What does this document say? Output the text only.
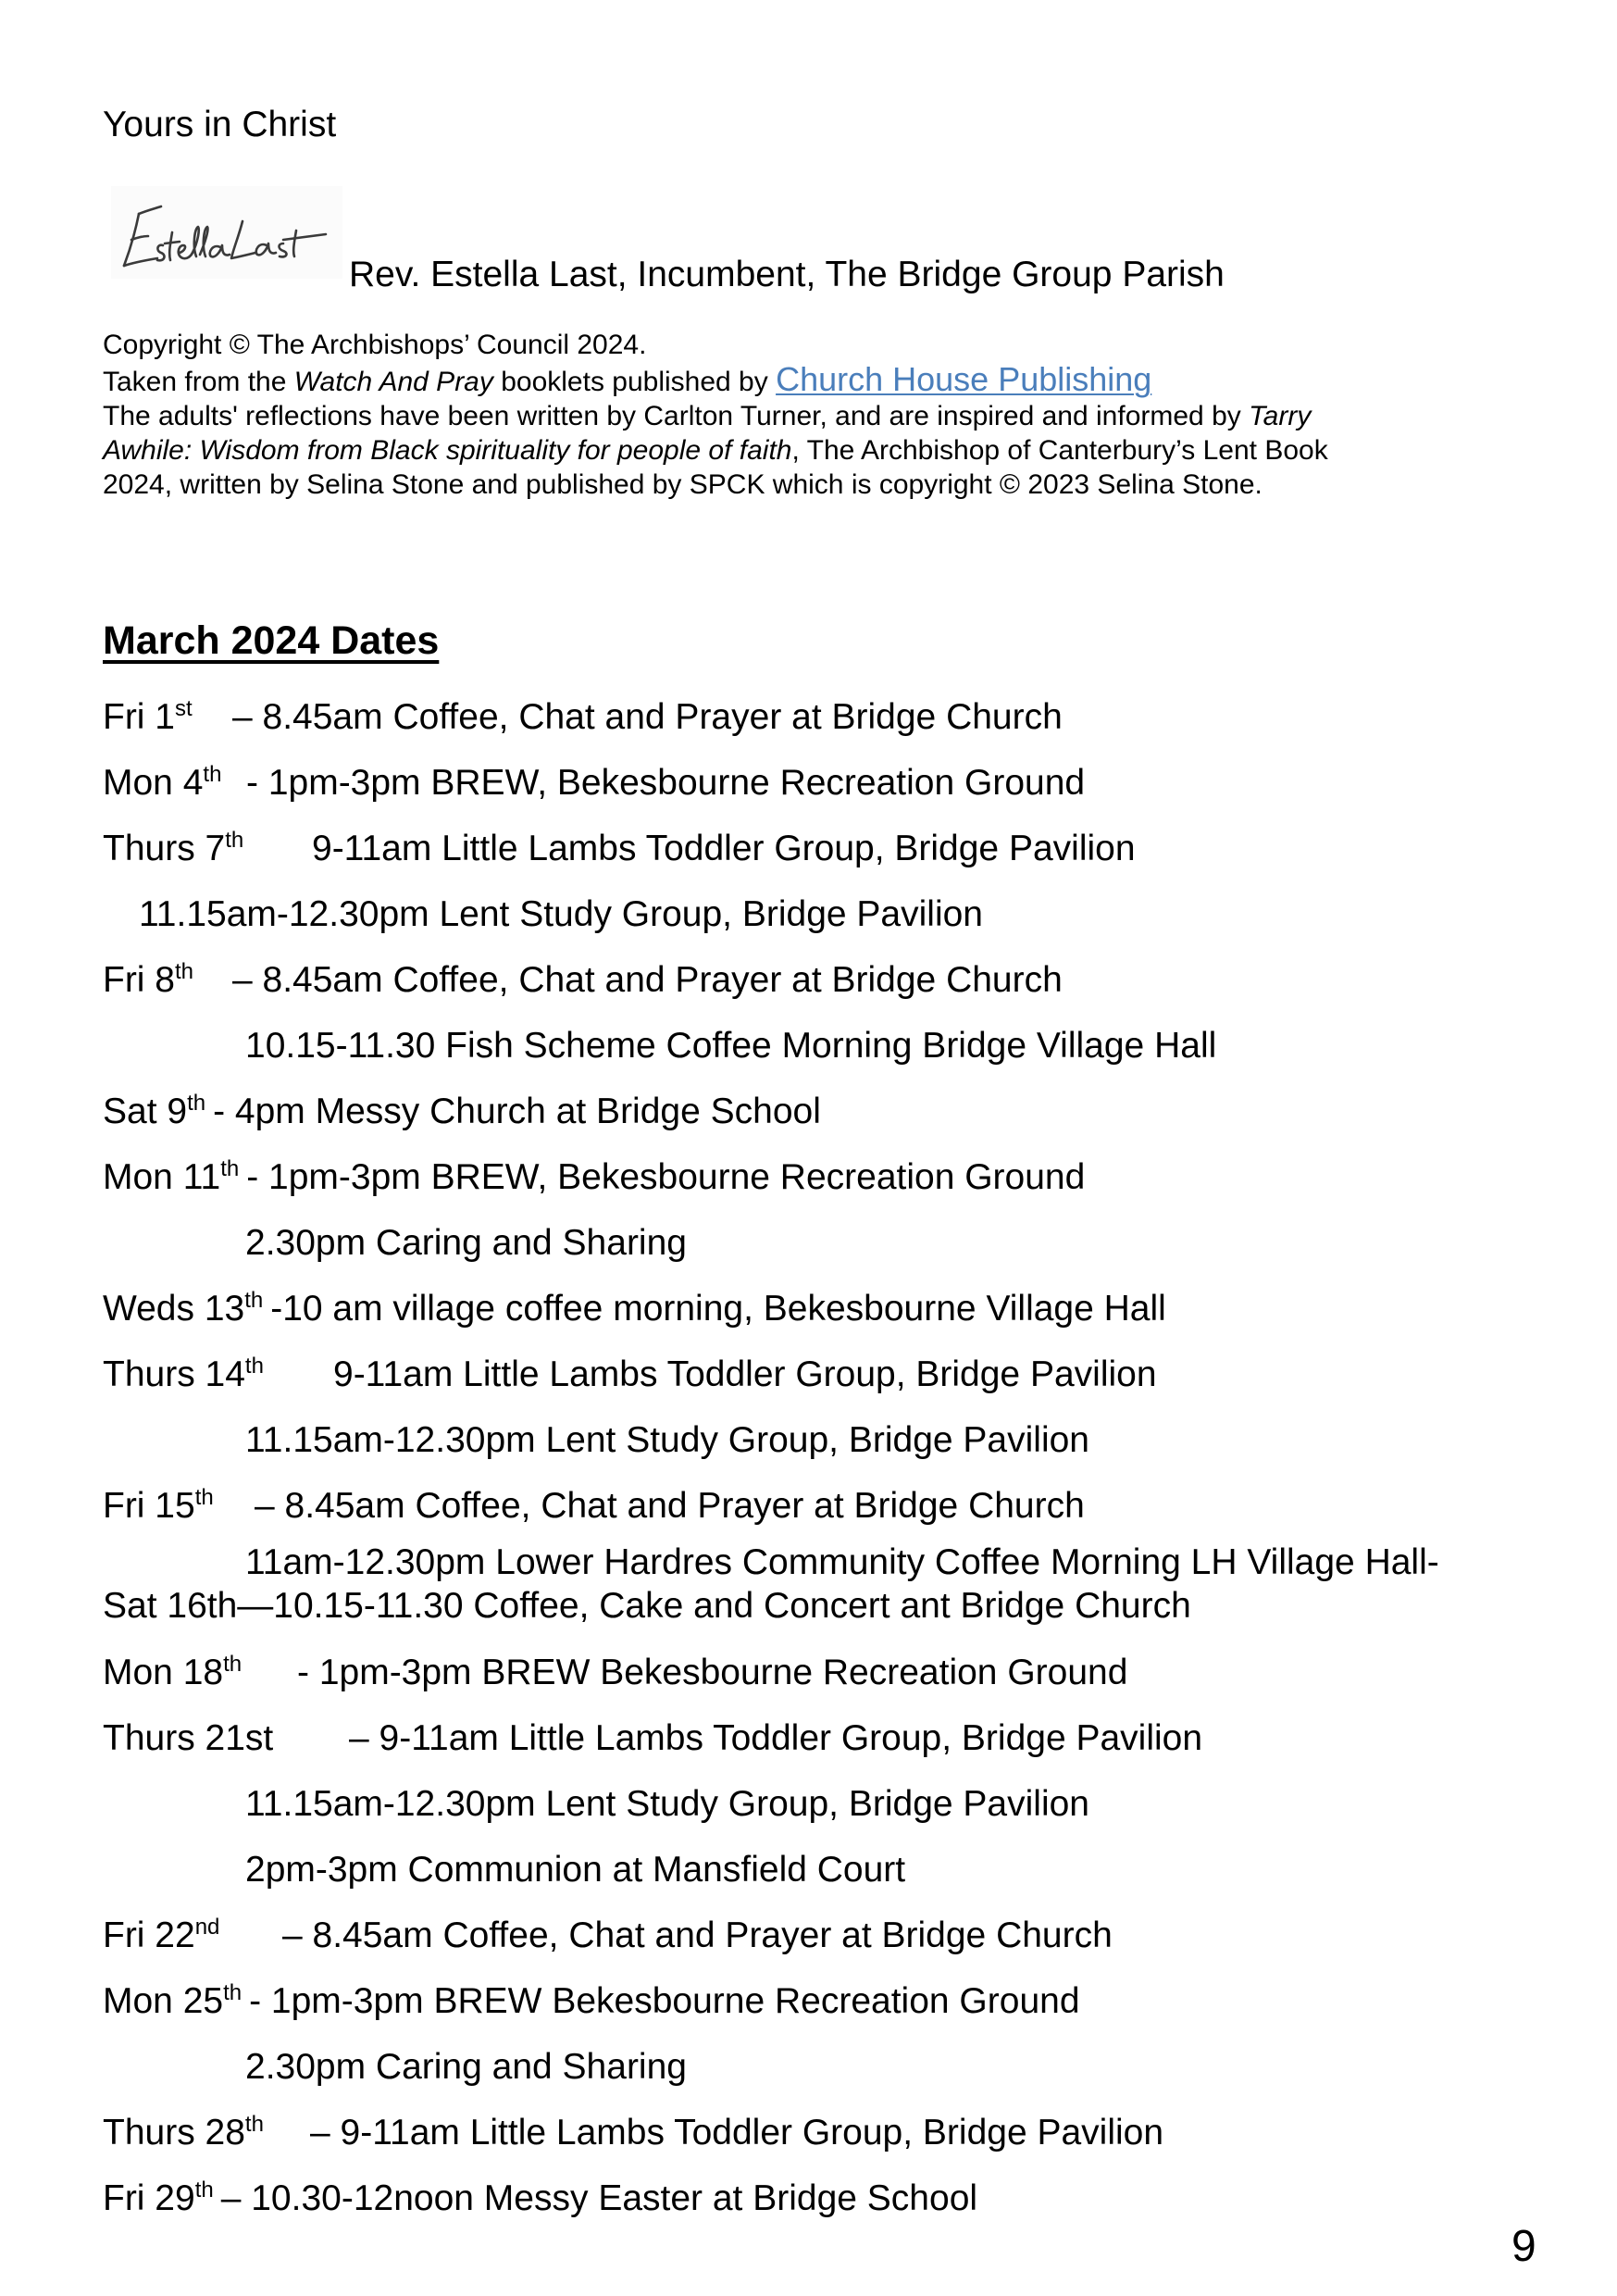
Yours in Christ
Rev. Estella Last, Incumbent, The Bridge Group Parish
Copyright © The Archbishops’ Council 2024.
Taken from the Watch And Pray booklets published by Church House Publishing
The adults' reflections have been written by Carlton Turner, and are inspired and informed by Tarry
Awhile: Wisdom from Black spirituality for people of faith, The Archbishop of Canterbury’s Lent Book
2024, written by Selina Stone and published by SPCK which is copyright © 2023 Selina Stone.
March 2024 Dates
Fri 1st – 8.45am Coffee, Chat and Prayer at Bridge Church
Mon 4th - 1pm-3pm BREW, Bekesbourne Recreation Ground
Thurs 7th 9-11am Little Lambs Toddler Group, Bridge Pavilion
11.15am-12.30pm Lent Study Group, Bridge Pavilion
Fri 8th – 8.45am Coffee, Chat and Prayer at Bridge Church
10.15-11.30 Fish Scheme Coffee Morning Bridge Village Hall
Sat 9th - 4pm Messy Church at Bridge School
Mon 11th - 1pm-3pm BREW, Bekesbourne Recreation Ground
2.30pm Caring and Sharing
Weds 13th -10 am village coffee morning, Bekesbourne Village Hall
Thurs 14th 9-11am Little Lambs Toddler Group, Bridge Pavilion
11.15am-12.30pm Lent Study Group, Bridge Pavilion
Fri 15th – 8.45am Coffee, Chat and Prayer at Bridge Church
11am-12.30pm Lower Hardres Community Coffee Morning LH Village Hall-
Sat 16th—10.15-11.30 Coffee, Cake and Concert ant Bridge Church
Mon 18th - 1pm-3pm BREW Bekesbourne Recreation Ground
Thurs 21st – 9-11am Little Lambs Toddler Group, Bridge Pavilion
11.15am-12.30pm Lent Study Group, Bridge Pavilion
2pm-3pm Communion at Mansfield Court
Fri 22nd – 8.45am Coffee, Chat and Prayer at Bridge Church
Mon 25th - 1pm-3pm BREW Bekesbourne Recreation Ground
2.30pm Caring and Sharing
Thurs 28th – 9-11am Little Lambs Toddler Group, Bridge Pavilion
Fri 29th – 10.30-12noon Messy Easter at Bridge School
9
